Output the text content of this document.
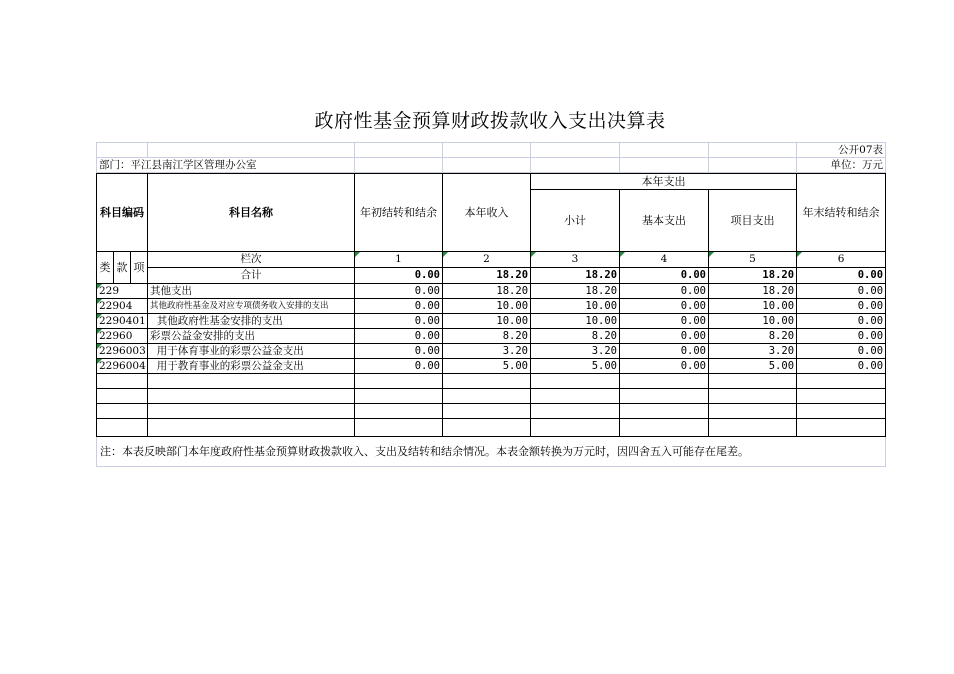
政府性基金预算财政拨款收入支出决算表
							公开07表
部门：平江县南江学区管理办公室							单位：万元
科目编码			科目名称	年初结转和结余	本年收入	本年支出			年末结转和结余
						小计	基本支出	项目支出	

类	款	项	栏次	1	2	3	4	5	6
			合计	0.00	18.20	18.20	0.00	18.20	0.00
229			其他支出	0.00	18.20	18.20	0.00	18.20	0.00
22904			其他政府性基金及对应专项债务收入安排的支出	0.00	10.00	10.00	0.00	10.00	0.00
2290401			其他政府性基金安排的支出	0.00	10.00	10.00	0.00	10.00	0.00
22960			彩票公益金安排的支出	0.00	8.20	8.20	0.00	8.20	0.00
2296003			用于体育事业的彩票公益金支出	0.00	3.20	3.20	0.00	3.20	0.00
2296004			用于教育事业的彩票公益金支出	0.00	5.00	5.00	0.00	5.00	0.00

注：本表反映部门本年度政府性基金预算财政拨款收入、支出及结转和结余情况。本表金额转换为万元时，因四舍五入可能存在尾差。									
